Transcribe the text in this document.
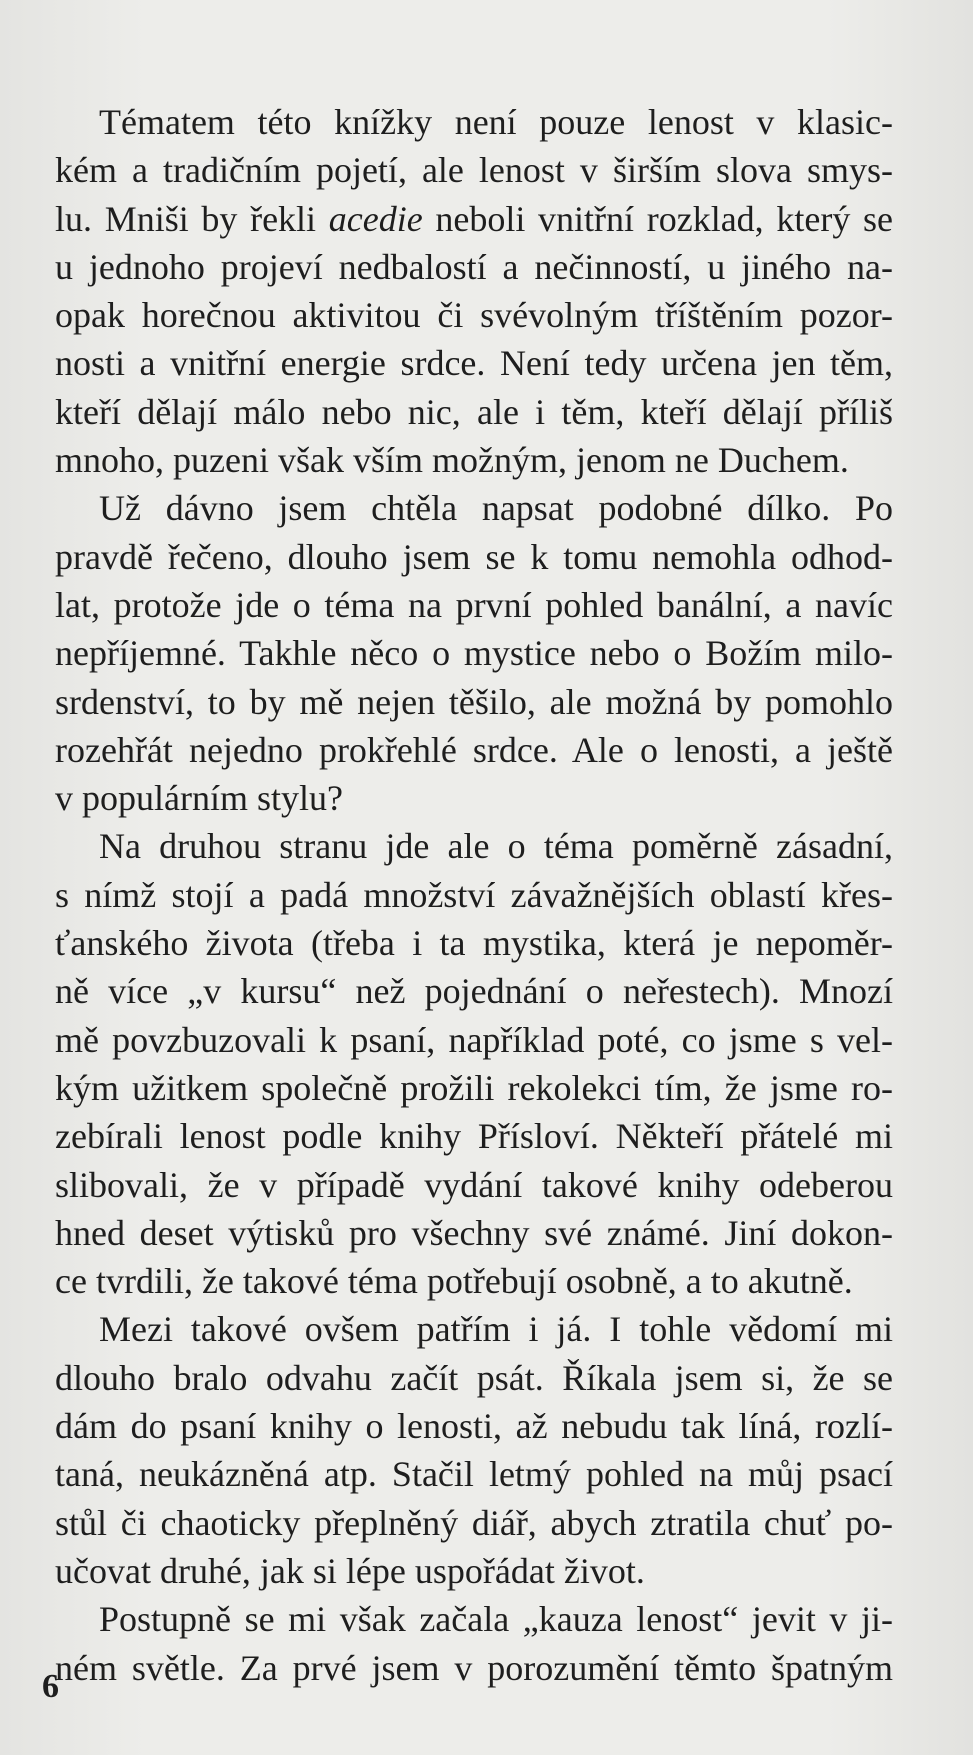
Tématem této knížky není pouze lenost v klasic-
kém a tradičním pojetí, ale lenost v širším slova smys-
lu. Mniši by řekli acedie neboli vnitřní rozklad, který se
u jednoho projeví nedbalostí a nečinností, u jiného na-
opak horečnou aktivitou či svévolným tříštěním pozor-
nosti a vnitřní energie srdce. Není tedy určena jen těm,
kteří dělají málo nebo nic, ale i těm, kteří dělají příliš
mnoho, puzeni však vším možným, jenom ne Duchem.

Už dávno jsem chtěla napsat podobné dílko. Po
pravdě řečeno, dlouho jsem se k tomu nemohla odhod-
lat, protože jde o téma na první pohled banální, a navíc
nepříjemné. Takhle něco o mystice nebo o Božím milo-
srdenství, to by mě nejen těšilo, ale možná by pomohlo
rozehřát nejedno prokřehlé srdce. Ale o lenosti, a ještě
v populárním stylu?

Na druhou stranu jde ale o téma poměrně zásadní,
s nímž stojí a padá množství závažnějších oblastí křes-
ťanského života (třeba i ta mystika, která je nepoměr-
ně více „v kursu“ než pojednání o neřestech). Mnozí
mě povzbuzovali k psaní, například poté, co jsme s vel-
kým užitkem společně prožili rekolekci tím, že jsme ro-
zebírali lenost podle knihy Přísloví. Někteří přátelé mi
slibovali, že v případě vydání takové knihy odeberou
hned deset výtisků pro všechny své známé. Jiní dokon-
ce tvrdili, že takové téma potřebují osobně, a to akutně.

Mezi takové ovšem patřím i já. I tohle vědomí mi
dlouho bralo odvahu začít psát. Říkala jsem si, že se
dám do psaní knihy o lenosti, až nebudu tak líná, rozlí-
taná, neukázněná atp. Stačil letmý pohled na můj psací
stůl či chaoticky přeplněný diář, abych ztratila chuť po-
učovat druhé, jak si lépe uspořádat život.

Postupně se mi však začala „kauza lenost“ jevit v ji-
ném světle. Za prvé jsem v porozumění těmto špatným

6
